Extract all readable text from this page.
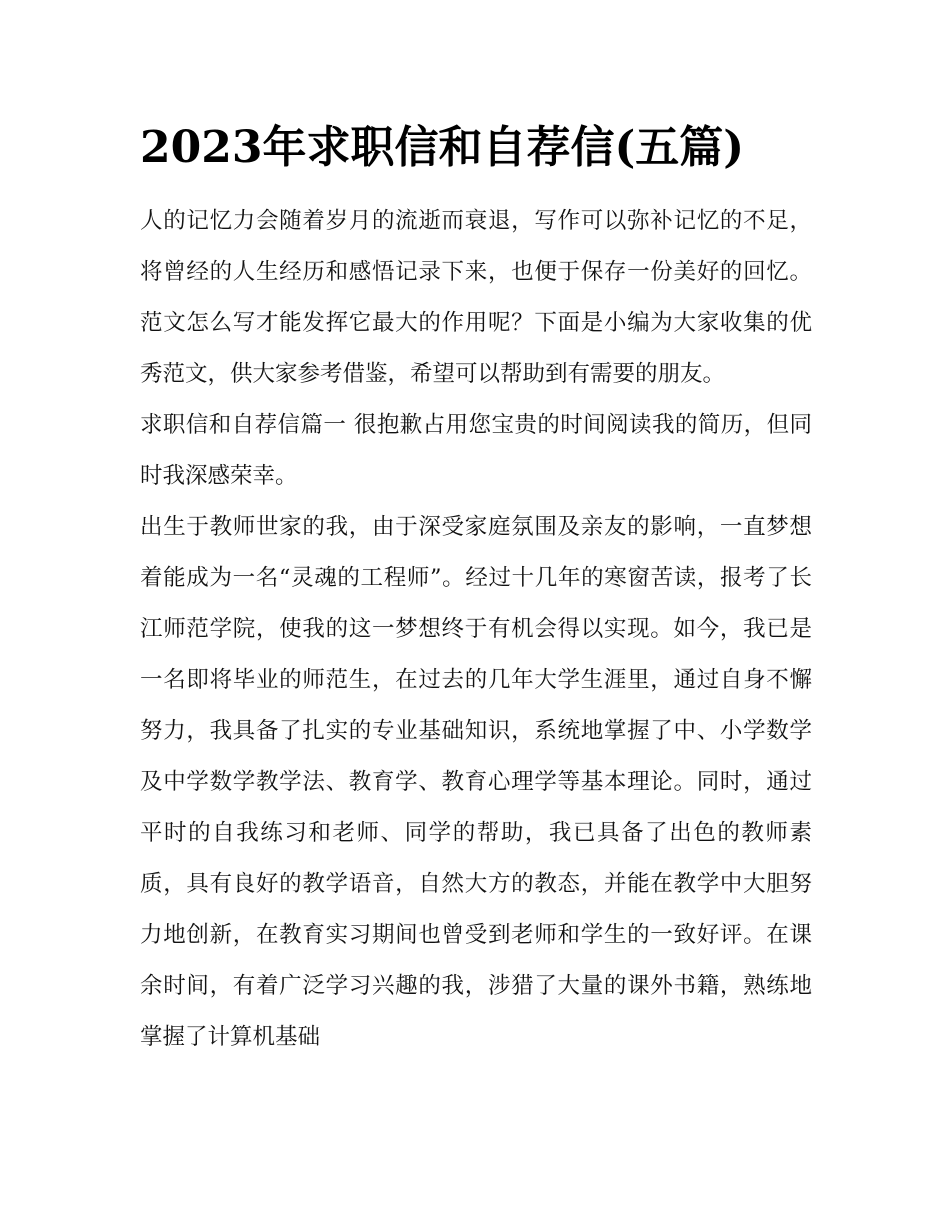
2023年求职信和自荐信(五篇)

人的记忆力会随着岁月的流逝而衰退，写作可以弥补记忆的不足，将曾经的人生经历和感悟记录下来，也便于保存一份美好的回忆。范文怎么写才能发挥它最大的作用呢？下面是小编为大家收集的优秀范文，供大家参考借鉴，希望可以帮助到有需要的朋友。

求职信和自荐信篇一 很抱歉占用您宝贵的时间阅读我的简历，但同时我深感荣幸。

出生于教师世家的我，由于深受家庭氛围及亲友的影响，一直梦想着能成为一名“灵魂的工程师”。经过十几年的寒窗苦读，报考了长江师范学院，使我的这一梦想终于有机会得以实现。如今，我已是一名即将毕业的师范生，在过去的几年大学生涯里，通过自身不懈努力，我具备了扎实的专业基础知识，系统地掌握了中、小学数学及中学数学教学法、教育学、教育心理学等基本理论。同时，通过平时的自我练习和老师、同学的帮助，我已具备了出色的教师素质，具有良好的教学语音，自然大方的教态，并能在教学中大胆努力地创新，在教育实习期间也曾受到老师和学生的一致好评。在课余时间，有着广泛学习兴趣的我，涉猎了大量的课外书籍，熟练地掌握了计算机基础
